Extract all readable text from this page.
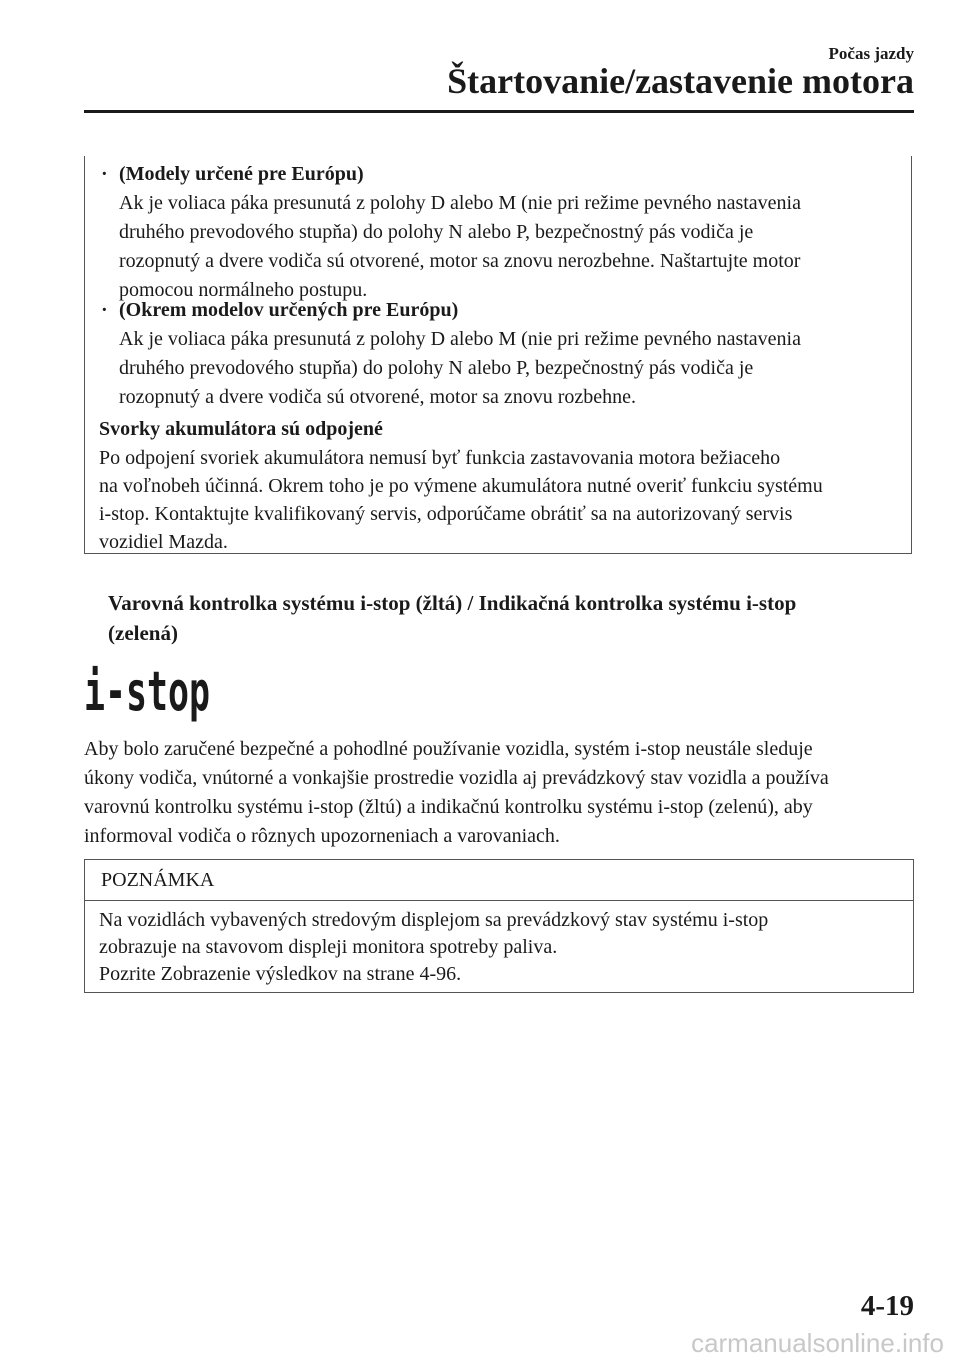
Počas jazdy
Štartovanie/zastavenie motora
· (Modely určené pre Európu)
Ak je voliaca páka presunutá z polohy D alebo M (nie pri režime pevného nastavenia
druhého prevodového stupňa) do polohy N alebo P, bezpečnostný pás vodiča je
rozopnutý a dvere vodiča sú otvorené, motor sa znovu nerozbehne. Naštartujte motor
pomocou normálneho postupu.
· (Okrem modelov určených pre Európu)
Ak je voliaca páka presunutá z polohy D alebo M (nie pri režime pevného nastavenia
druhého prevodového stupňa) do polohy N alebo P, bezpečnostný pás vodiča je
rozopnutý a dvere vodiča sú otvorené, motor sa znovu rozbehne.
Svorky akumulátora sú odpojené
Po odpojení svoriek akumulátora nemusí byť funkcia zastavovania motora bežiaceho
na voľnobeh účinná. Okrem toho je po výmene akumulátora nutné overiť funkciu systému
i-stop. Kontaktujte kvalifikovaný servis, odporúčame obrátiť sa na autorizovaný servis
vozidiel Mazda.
Varovná kontrolka systému i-stop (žltá) / Indikačná kontrolka systému i-stop
(zelená)
i-stop
Aby bolo zaručené bezpečné a pohodlné používanie vozidla, systém i-stop neustále sleduje
úkony vodiča, vnútorné a vonkajšie prostredie vozidla aj prevádzkový stav vozidla a používa
varovnú kontrolku systému i-stop (žltú) a indikačnú kontrolku systému i-stop (zelenú), aby
informoval vodiča o rôznych upozorneniach a varovaniach.
POZNÁMKA
Na vozidlách vybavených stredovým displejom sa prevádzkový stav systému i-stop
zobrazuje na stavovom displeji monitora spotreby paliva.
Pozrite Zobrazenie výsledkov na strane 4-96.
4-19
carmanualsonline.info
